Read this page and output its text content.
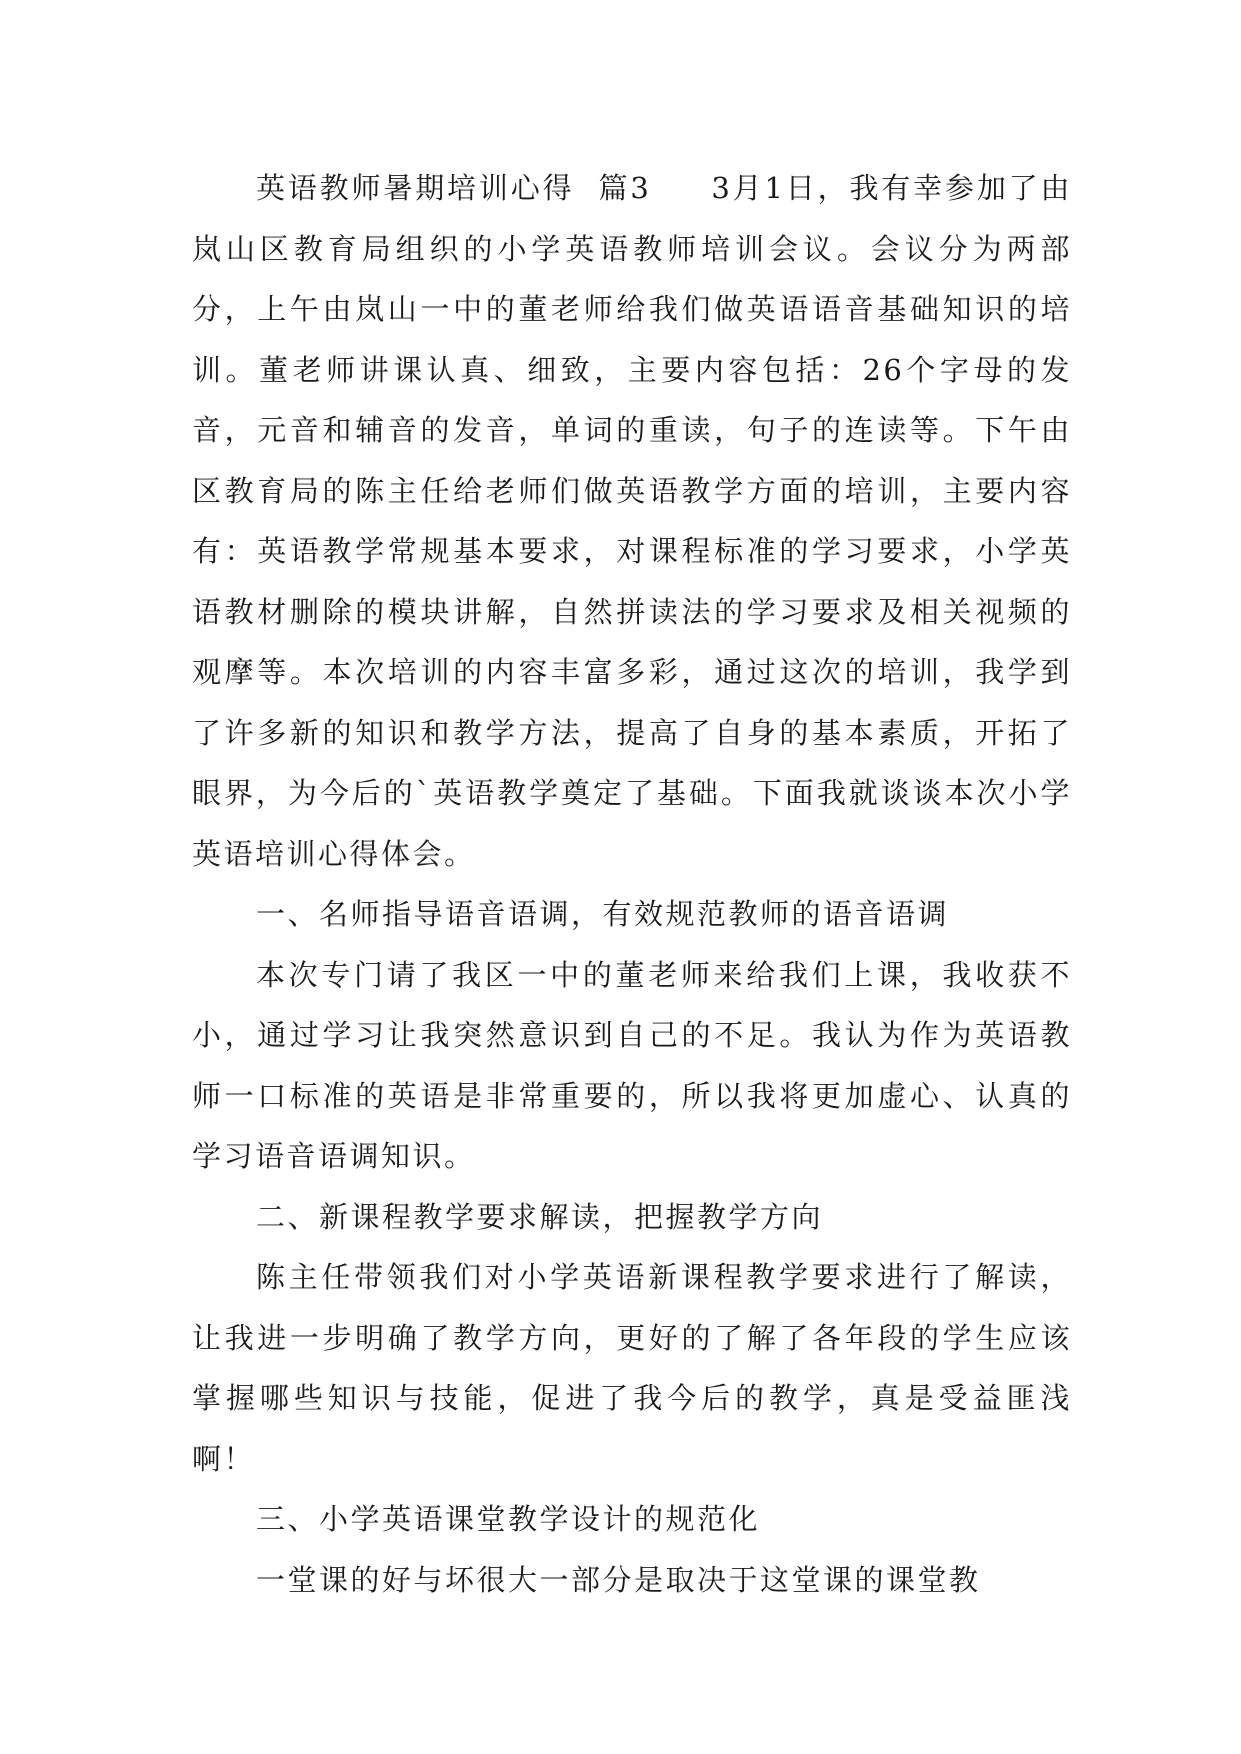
英语教师暑期培训心得 篇3 3月1日，我有幸参加了由岚山区教育局组织的小学英语教师培训会议。会议分为两部分，上午由岚山一中的董老师给我们做英语语音基础知识的培训。董老师讲课认真、细致，主要内容包括：26个字母的发音，元音和辅音的发音，单词的重读，句子的连读等。下午由区教育局的陈主任给老师们做英语教学方面的培训，主要内容有：英语教学常规基本要求，对课程标准的学习要求，小学英语教材删除的模块讲解，自然拼读法的学习要求及相关视频的观摩等。本次培训的内容丰富多彩，通过这次的培训，我学到了许多新的知识和教学方法，提高了自身的基本素质，开拓了眼界，为今后的`英语教学奠定了基础。下面我就谈谈本次小学英语培训心得体会。

一、名师指导语音语调，有效规范教师的语音语调

本次专门请了我区一中的董老师来给我们上课，我收获不小，通过学习让我突然意识到自己的不足。我认为作为英语教师一口标准的英语是非常重要的，所以我将更加虚心、认真的学习语音语调知识。

二、新课程教学要求解读，把握教学方向

陈主任带领我们对小学英语新课程教学要求进行了解读，让我进一步明确了教学方向，更好的了解了各年段的学生应该掌握哪些知识与技能，促进了我今后的教学，真是受益匪浅啊！

三、小学英语课堂教学设计的规范化

一堂课的好与坏很大一部分是取决于这堂课的课堂教
